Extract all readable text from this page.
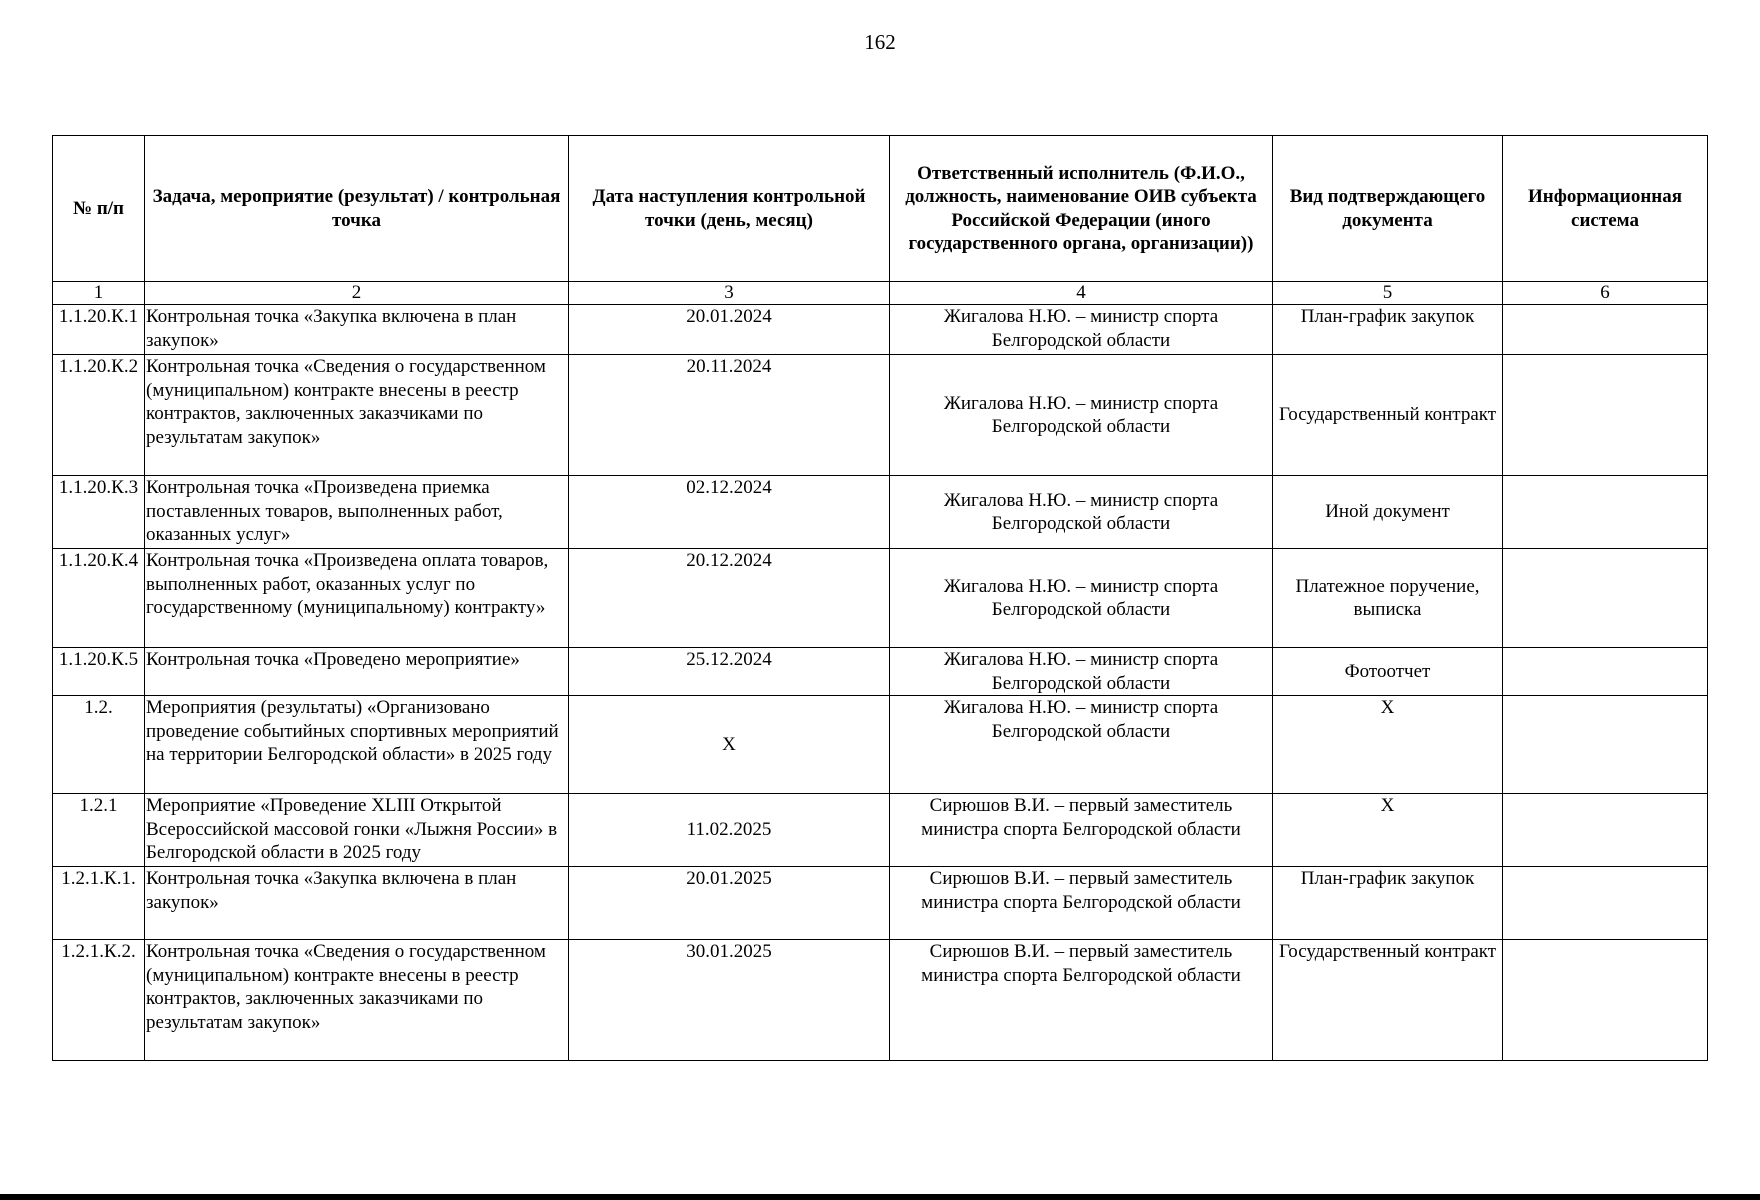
162
№ п/п	Задача, мероприятие (результат) / контрольная точка	Дата наступления контрольной точки (день, месяц)	Ответственный исполнитель (Ф.И.О., должность, наименование ОИВ субъекта Российской Федерации (иного государственного органа, организации))	Вид подтверждающего документа	Информационная система
1	2	3	4	5	6
1.1.20.К.1	Контрольная точка «Закупка включена в план закупок»	20.01.2024	Жигалова Н.Ю. – министр спорта Белгородской области	План-график закупок	
1.1.20.К.2	Контрольная точка «Сведения о государственном (муниципальном) контракте внесены в реестр контрактов, заключенных заказчиками по результатам закупок»	20.11.2024	Жигалова Н.Ю. – министр спорта Белгородской области	Государственный контракт	
1.1.20.К.3	Контрольная точка «Произведена приемка поставленных товаров, выполненных работ, оказанных услуг»	02.12.2024	Жигалова Н.Ю. – министр спорта Белгородской области	Иной документ	
1.1.20.К.4	Контрольная точка «Произведена оплата товаров, выполненных работ, оказанных услуг по государственному (муниципальному) контракту»	20.12.2024	Жигалова Н.Ю. – министр спорта Белгородской области	Платежное поручение, выписка	
1.1.20.К.5	Контрольная точка «Проведено мероприятие»	25.12.2024	Жигалова Н.Ю. – министр спорта Белгородской области	Фотоотчет	
1.2.	Мероприятия (результаты) «Организовано проведение событийных спортивных мероприятий на территории Белгородской области» в 2025 году	Х	Жигалова Н.Ю. – министр спорта Белгородской области	Х	
1.2.1	Мероприятие «Проведение XLIII Открытой Всероссийской массовой гонки «Лыжня России» в Белгородской области в 2025 году	11.02.2025	Сирюшов В.И. – первый заместитель министра спорта Белгородской области	Х	
1.2.1.К.1.	Контрольная точка «Закупка включена в план закупок»	20.01.2025	Сирюшов В.И. – первый заместитель министра спорта Белгородской области	План-график закупок	
1.2.1.К.2.	Контрольная точка «Сведения о государственном (муниципальном) контракте внесены в реестр контрактов, заключенных заказчиками по результатам закупок»	30.01.2025	Сирюшов В.И. – первый заместитель министра спорта Белгородской области	Государственный контракт	
